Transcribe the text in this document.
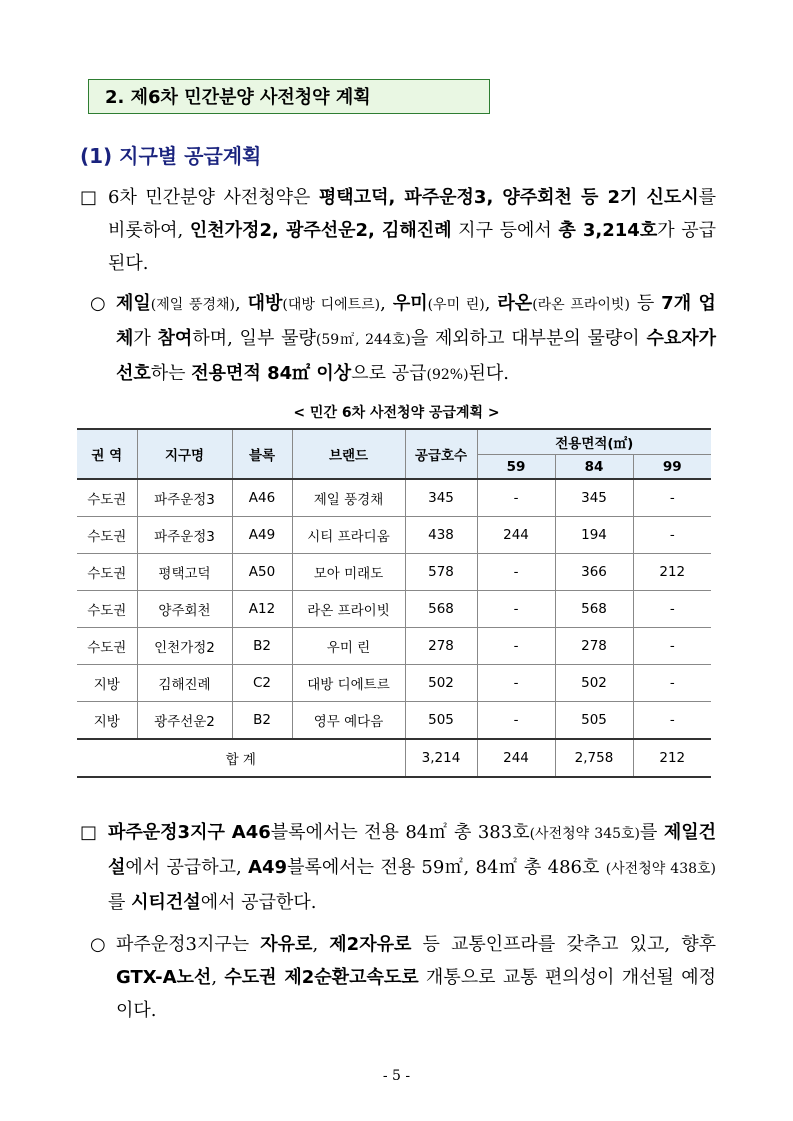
2. 제6차 민간분양 사전청약 계획
(1) 지구별 공급계획
□ 6차 민간분양 사전청약은 평택고덕, 파주운정3, 양주회천 등 2기 신도시를 비롯하여, 인천가정2, 광주선운2, 김해진례 지구 등에서 총 3,214호가 공급된다.
○ 제일(제일 풍경채), 대방(대방 디에트르), 우미(우미 린), 라온(라온 프라이빗) 등 7개 업체가 참여하며, 일부 물량(59㎡, 244호)을 제외하고 대부분의 물량이 수요자가 선호하는 전용면적 84㎡ 이상으로 공급(92%)된다.
< 민간 6차 사전청약 공급계획 >
권 역	지구명	블록	브랜드	공급호수	전용면적(㎡)		
					59	84	99
수도권	파주운정3	A46	제일 풍경채	345	-	345	-
수도권	파주운정3	A49	시티 프라디움	438	244	194	-
수도권	평택고덕	A50	모아 미래도	578	-	366	212
수도권	양주회천	A12	라온 프라이빗	568	-	568	-
수도권	인천가정2	B2	우미 린	278	-	278	-
지방	김해진례	C2	대방 디에트르	502	-	502	-
지방	광주선운2	B2	영무 예다음	505	-	505	-
합 계				3,214	244	2,758	212
□ 파주운정3지구 A46블록에서는 전용 84㎡ 총 383호(사전청약 345호)를 제일건설에서 공급하고, A49블록에서는 전용 59㎡, 84㎡ 총 486호 (사전청약 438호)를 시티건설에서 공급한다.
○ 파주운정3지구는 자유로, 제2자유로 등 교통인프라를 갖추고 있고, 향후 GTX-A노선, 수도권 제2순환고속도로 개통으로 교통 편의성이 개선될 예정이다.
- 5 -
